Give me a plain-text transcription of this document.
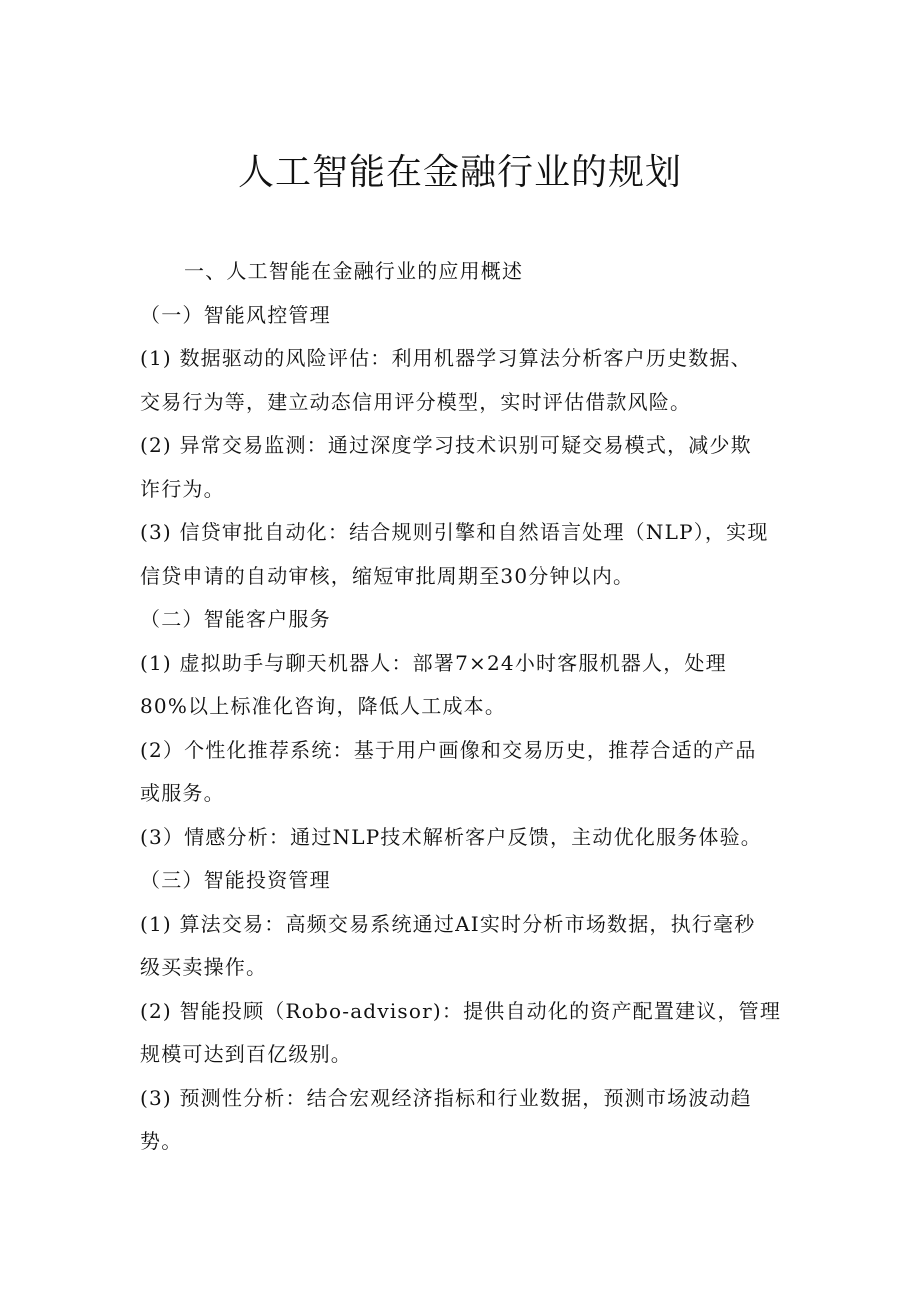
人工智能在金融行业的规划

一、人工智能在金融行业的应用概述

（一）智能风控管理

(1) 数据驱动的风险评估：利用机器学习算法分析客户历史数据、

交易行为等，建立动态信用评分模型，实时评估借款风险。

(2) 异常交易监测：通过深度学习技术识别可疑交易模式，减少欺

诈行为。

(3) 信贷审批自动化：结合规则引擎和自然语言处理（NLP），实现

信贷申请的自动审核，缩短审批周期至30分钟以内。

（二）智能客户服务

(1) 虚拟助手与聊天机器人：部署7×24小时客服机器人，处理

80%以上标准化咨询，降低人工成本。

(2）个性化推荐系统：基于用户画像和交易历史，推荐合适的产品

或服务。

(3）情感分析：通过NLP技术解析客户反馈，主动优化服务体验。

（三）智能投资管理

(1) 算法交易：高频交易系统通过AI实时分析市场数据，执行毫秒

级买卖操作。

(2) 智能投顾（Robo-advisor)：提供自动化的资产配置建议，管理

规模可达到百亿级别。

(3) 预测性分析：结合宏观经济指标和行业数据，预测市场波动趋

势。
